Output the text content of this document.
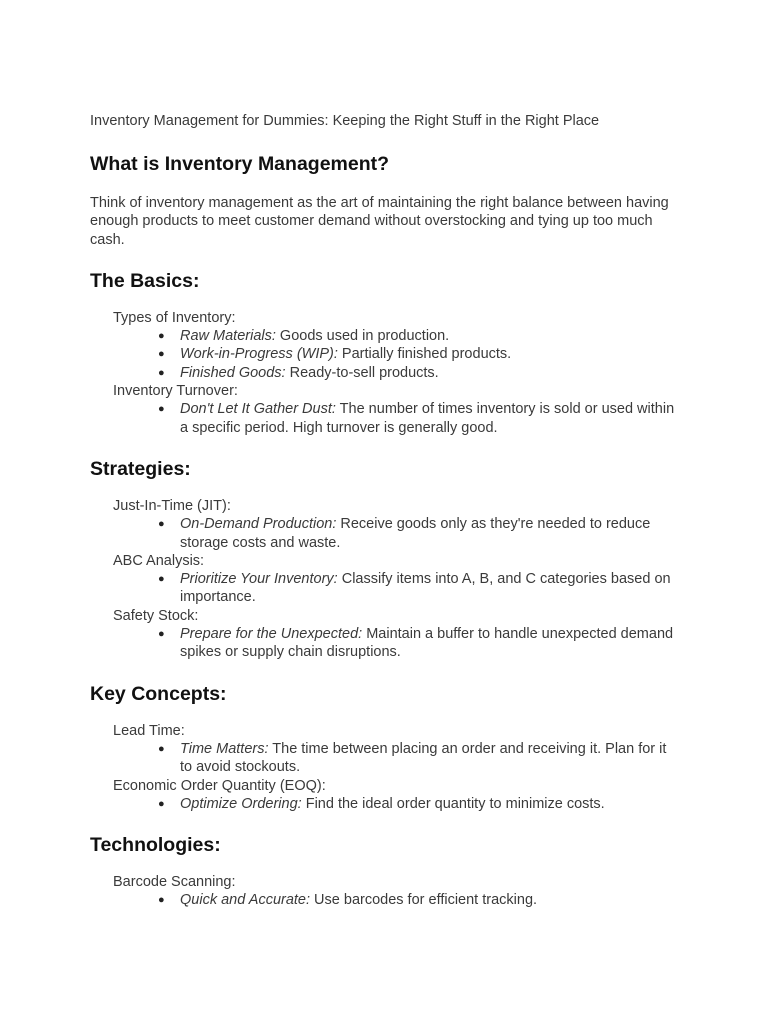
Inventory Management for Dummies: Keeping the Right Stuff in the Right Place

What is Inventory Management?

Think of inventory management as the art of maintaining the right balance between having enough products to meet customer demand without overstocking and tying up too much cash.

The Basics:

Types of Inventory:

● Raw Materials: Goods used in production.
● Work-in-Progress (WIP): Partially finished products.
● Finished Goods: Ready-to-sell products.

Inventory Turnover:

● Don't Let It Gather Dust: The number of times inventory is sold or used within a specific period. High turnover is generally good.
Strategies:

Just-In-Time (JIT):

● On-Demand Production: Receive goods only as they're needed to reduce storage costs and waste.

ABC Analysis:

● Prioritize Your Inventory: Classify items into A, B, and C categories based on importance.

Safety Stock:

● Prepare for the Unexpected: Maintain a buffer to handle unexpected demand spikes or supply chain disruptions.
Key Concepts:

Lead Time:

● Time Matters: The time between placing an order and receiving it. Plan for it to avoid stockouts.

Economic Order Quantity (EOQ):

● Optimize Ordering: Find the ideal order quantity to minimize costs.
Technologies:

Barcode Scanning:

● Quick and Accurate: Use barcodes for efficient tracking.
